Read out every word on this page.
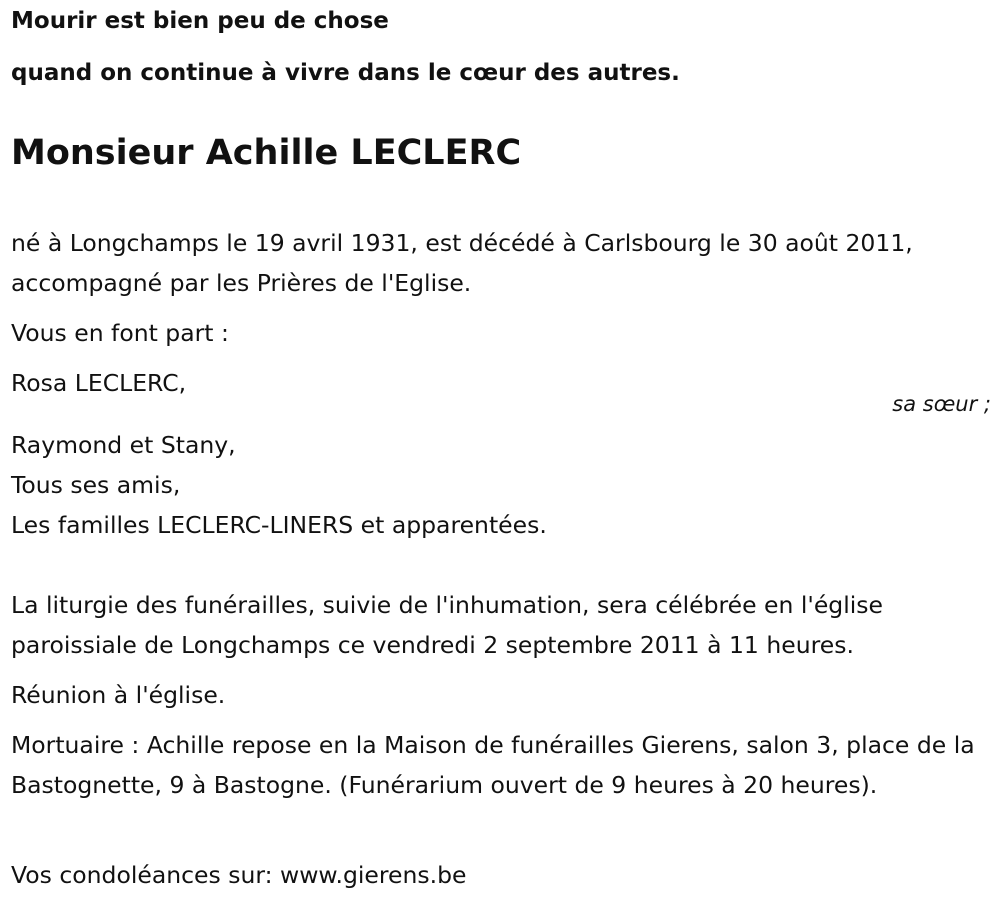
Mourir est bien peu de chose

quand on continue à vivre dans le cœur des autres.

Monsieur Achille LECLERC

né à Longchamps le 19 avril 1931, est décédé à Carlsbourg le 30 août 2011, accompagné par les Prières de l'Eglise.

Vous en font part :

Rosa LECLERC,

sa sœur ;

Raymond et Stany,
Tous ses amis,
Les familles LECLERC-LINERS et apparentées.

La liturgie des funérailles, suivie de l'inhumation, sera célébrée en l'église paroissiale de Longchamps ce vendredi 2 septembre 2011 à 11 heures.

Réunion à l'église.

Mortuaire : Achille repose en la Maison de funérailles Gierens, salon 3, place de la Bastognette, 9 à Bastogne. (Funérarium ouvert de 9 heures à 20 heures).

Vos condoléances sur: www.gierens.be
